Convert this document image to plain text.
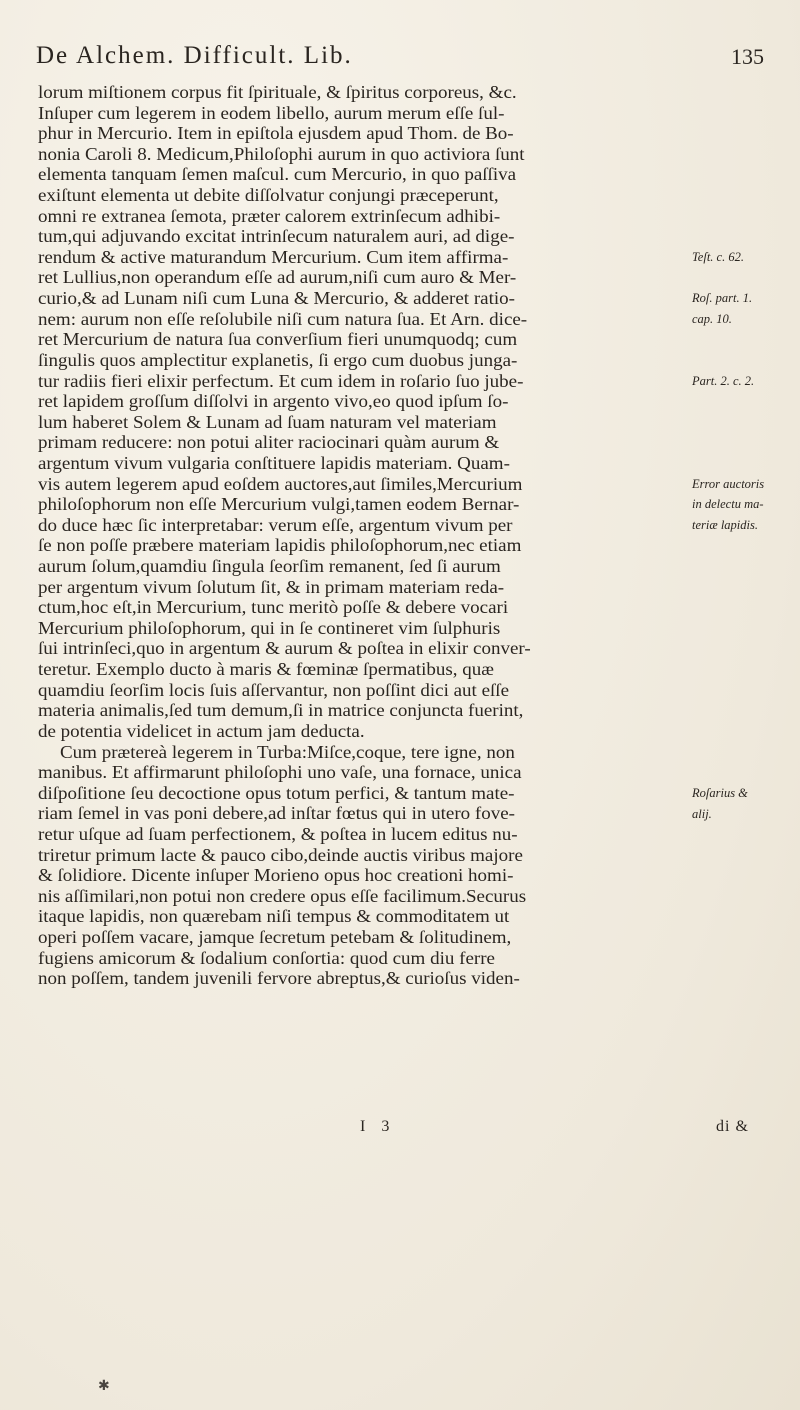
De Alchem. Difficult. Lib.	135
lorum miſtionem corpus fit ſpirituale, & ſpiritus corporeus, &c.
Inſuper cum legerem in eodem libello, aurum merum eſſe ſul-
phur in Mercurio. Item in epiſtola ejusdem apud Thom. de Bo-
nonia Caroli 8. Medicum,Philoſophi aurum in quo activiora ſunt
elementa tanquam ſemen maſcul. cum Mercurio, in quo paſſiva
exiſtunt elementa ut debite diſſolvatur conjungi præceperunt,
omni re extranea ſemota, præter calorem extrinſecum adhibi-
tum,qui adjuvando excitat intrinſecum naturalem auri, ad dige-
rendum & active maturandum Mercurium. Cum item affirma-
ret Lullius,non operandum eſſe ad aurum,niſi cum auro & Mer-
curio,& ad Lunam niſi cum Luna & Mercurio, & adderet ratio-
nem: aurum non eſſe reſolubile niſi cum natura ſua. Et Arn. dice-
ret Mercurium de natura ſua converſium fieri unumquodq; cum
ſingulis quos amplectitur explanetis, ſi ergo cum duobus junga-
tur radiis fieri elixir perfectum. Et cum idem in roſario ſuo jube-
ret lapidem groſſum diſſolvi in argento vivo,eo quod ipſum ſo-
lum haberet Solem & Lunam ad ſuam naturam vel materiam
primam reducere: non potui aliter raciocinari quàm aurum &
argentum vivum vulgaria conſtituere lapidis materiam. Quam-
vis autem legerem apud eoſdem auctores,aut ſimiles,Mercurium
philoſophorum non eſſe Mercurium vulgi,tamen eodem Bernar-
do duce hæc ſic interpretabar: verum eſſe, argentum vivum per
ſe non poſſe præbere materiam lapidis philoſophorum,nec etiam
aurum ſolum,quamdiu ſingula ſeorſim remanent, ſed ſi aurum
per argentum vivum ſolutum ſit, & in primam materiam reda-
ctum,hoc eſt,in Mercurium, tunc meritò poſſe & debere vocari
Mercurium philoſophorum, qui in ſe contineret vim ſulphuris
ſui intrinſeci,quo in argentum & aurum & poſtea in elixir conver-
teretur. Exemplo ducto à maris & fœminæ ſpermatibus, quæ
quamdiu ſeorſim locis ſuis aſſervantur, non poſſint dici aut eſſe
materia animalis,ſed tum demum,ſi in matrice conjuncta fuerint,
de potentia videlicet in actum jam deducta.
Cum prætereà legerem in Turba:Miſce,coque, tere igne, non
manibus. Et affirmarunt philoſophi uno vaſe, una fornace, unica
diſpoſitione ſeu decoctione opus totum perfici, & tantum mate-
riam ſemel in vas poni debere,ad inſtar fœtus qui in utero fove-
retur uſque ad ſuam perfectionem, & poſtea in lucem editus nu-
triretur primum lacte & pauco cibo,deinde auctis viribus majore
& ſolidiore. Dicente inſuper Morieno opus hoc creationi homi-
nis aſſimilari,non potui non credere opus eſſe facilimum.Securus
itaque lapidis, non quærebam niſi tempus & commoditatem ut
operi poſſem vacare, jamque ſecretum petebam & ſolitudinem,
fugiens amicorum & ſodalium conſortia: quod cum diu ferre
non poſſem, tandem juvenili fervore abreptus,& curioſus viden-
Teſt. c. 62.
Roſ. part. 1.
cap. 10.
Part. 2. c. 2.
Error auctoris
in delectu ma-
teriæ lapidis.
Roſarius &
alij.
I 3	di &
✱
